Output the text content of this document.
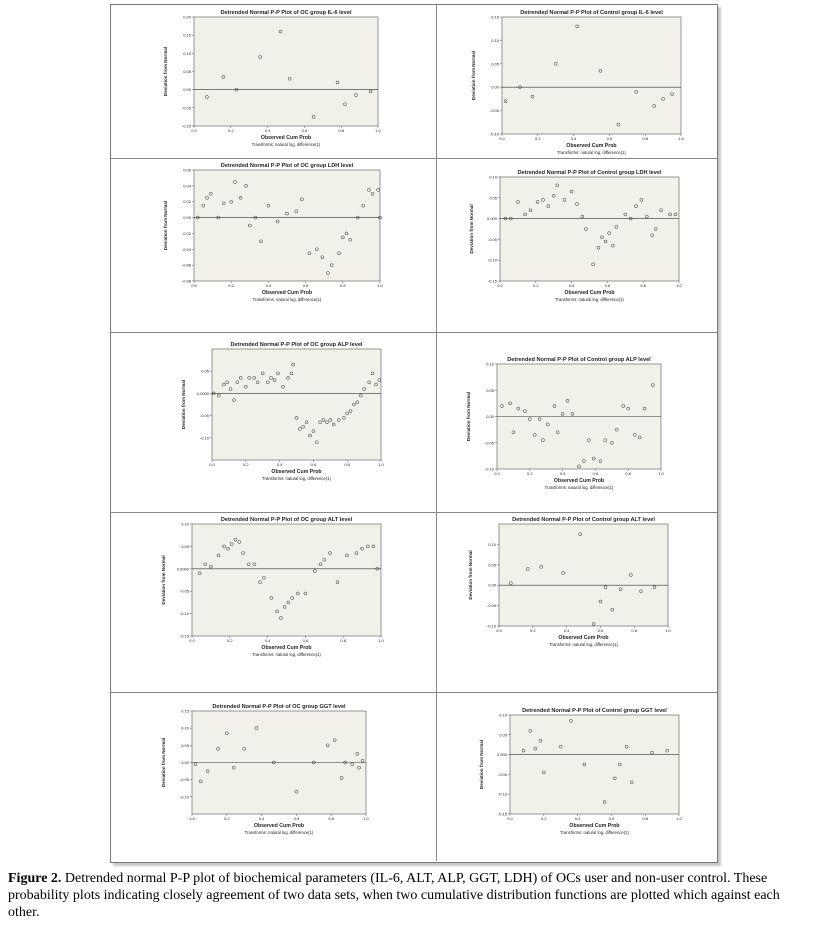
Detrended Normal P-P Plot of OC group IL-6 level
-0.10
-0.05
0.00
0.05
0.10
0.15
0.20
0.0	0.2	0.4	0.6	0.8	1.0
Observed Cum Prob
Deviation from Normal
Transforms: natural log, difference(1)
Detrended Normal P-P Plot of Control group IL-6 level
-0.10
-0.05
0.00
0.05
0.10
0.15
0.0	0.2	0.4	0.6	0.8	1.0
Observed Cum Prob
Deviation from Normal
Transforms: natural log, difference(1)
Detrended Normal P-P Plot of OC group LDH level
-0.08
-0.06
-0.04
-0.02
0.00
0.02
0.04
0.06
0.0	0.2	0.4	0.6	0.8	1.0
Observed Cum Prob
Deviation from Normal
Transforms: natural log, difference(1)
Detrended Normal P-P Plot of Control group LDH level
-0.15
-0.10
-0.05
0.000
0.05
0.10
0.0	0.2	0.4	0.6	0.8	1.0
Observed Cum Prob
Deviation from Normal
Transforms: natural log, difference(1)
Detrended Normal P-P Plot of OC group ALP level
-0.10
-0.05
0.0000
0.05
0.0	0.2	0.4	0.6	0.8	1.0
Observed Cum Prob
Deviation from Normal
Transforms: natural log, difference(1)
Detrended Normal P-P Plot of Control group ALP level
-0.10
-0.05
0.00
0.05
0.10
0.0	0.2	0.4	0.6	0.8	1.0
Observed Cum Prob
Deviation from Normal
Transforms: natural log, difference(1)
Detrended Normal P-P Plot of OC group ALT level
-0.15
-0.10
-0.05
0.0000
0.05
0.10
0.0	0.2	0.4	0.6	0.8	1.0
Observed Cum Prob
Deviation from Normal
Transforms: natural log, difference(1)
Detrended Normal P-P Plot of Control group ALT level
-0.10
-0.05
0.00
0.05
0.10
0.0	0.2	0.4	0.6	0.8	1.0
Observed Cum Prob
Deviation from Normal
Transforms: natural log, difference(1)
Detrended Normal P-P Plot of OC group GGT level
-0.10
-0.05
0.00
0.05
0.10
0.15
0.0	0.2	0.4	0.6	0.8	1.0
Observed Cum Prob
Deviation from Normal
Transforms: natural log, difference(1)
Detrended Normal P-P Plot of Control group GGT level
-0.15
-0.10
-0.05
0.000
0.05
0.10
0.0	0.2	0.4	0.6	0.8	1.0
Observed Cum Prob
Deviation from Normal
Transforms: natural log, difference(1)

Figure 2. Detrended normal P-P plot of biochemical parameters (IL-6, ALT, ALP, GGT, LDH) of OCs user and non-user control. These probability plots indicating closely agreement of two data sets, when two cumulative distribution functions are plotted which against each other.
